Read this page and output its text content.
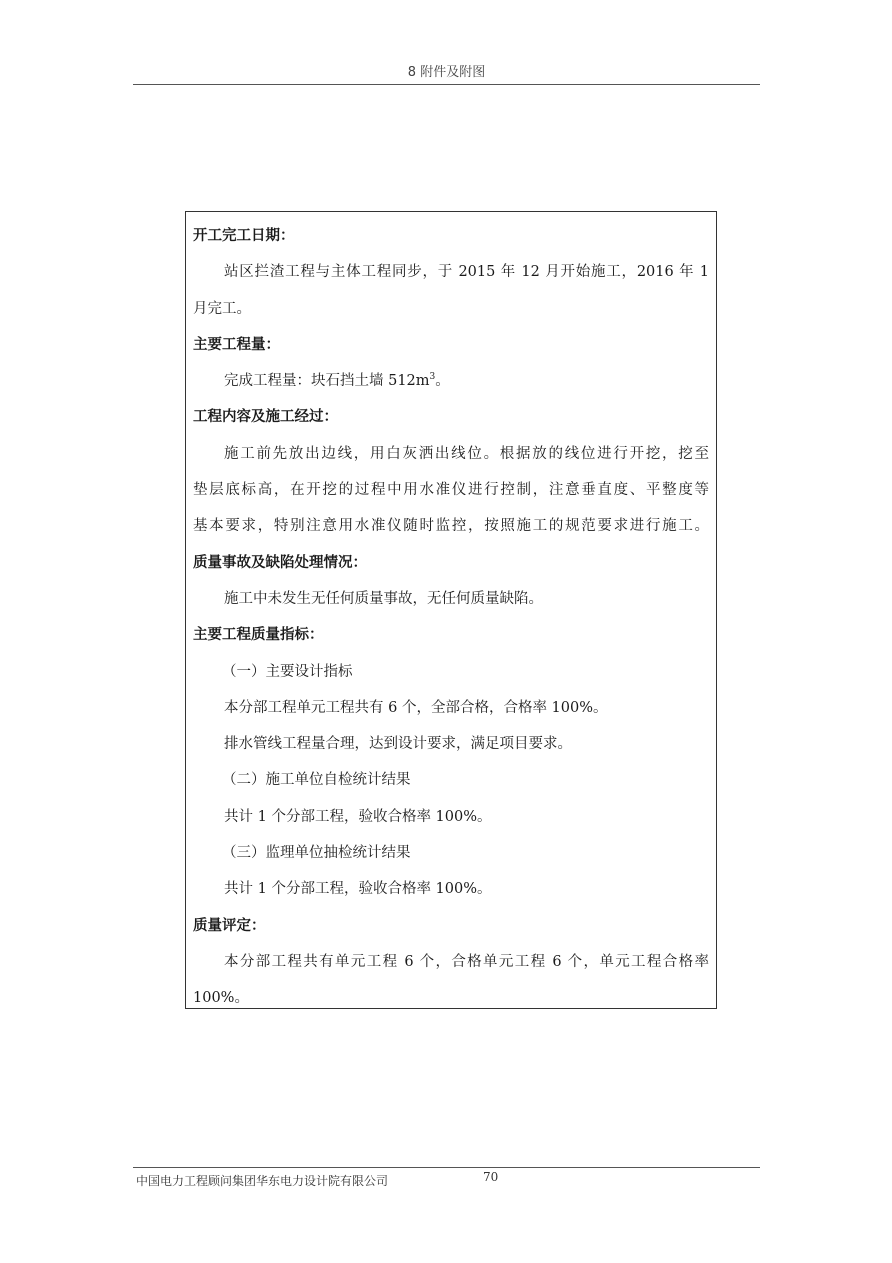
8 附件及附图
开工完工日期：
站区拦渣工程与主体工程同步，于 2015 年 12 月开始施工，2016 年 1
月完工。
主要工程量：
完成工程量：块石挡土墙 $512m^3$。
工程内容及施工经过：
施工前先放出边线，用白灰洒出线位。根据放的线位进行开挖，挖至
垫层底标高，在开挖的过程中用水准仪进行控制，注意垂直度、平整度等
基本要求，特别注意用水准仪随时监控，按照施工的规范要求进行施工。
质量事故及缺陷处理情况：
施工中未发生无任何质量事故，无任何质量缺陷。
主要工程质量指标：
（一）主要设计指标
本分部工程单元工程共有 6 个，全部合格，合格率 100%。
排水管线工程量合理，达到设计要求，满足项目要求。
（二）施工单位自检统计结果
共计 1 个分部工程，验收合格率 100%。
（三）监理单位抽检统计结果
共计 1 个分部工程，验收合格率 100%。
质量评定：
本分部工程共有单元工程 6 个，合格单元工程 6 个，单元工程合格率
100%。
中国电力工程顾问集团华东电力设计院有限公司	70
